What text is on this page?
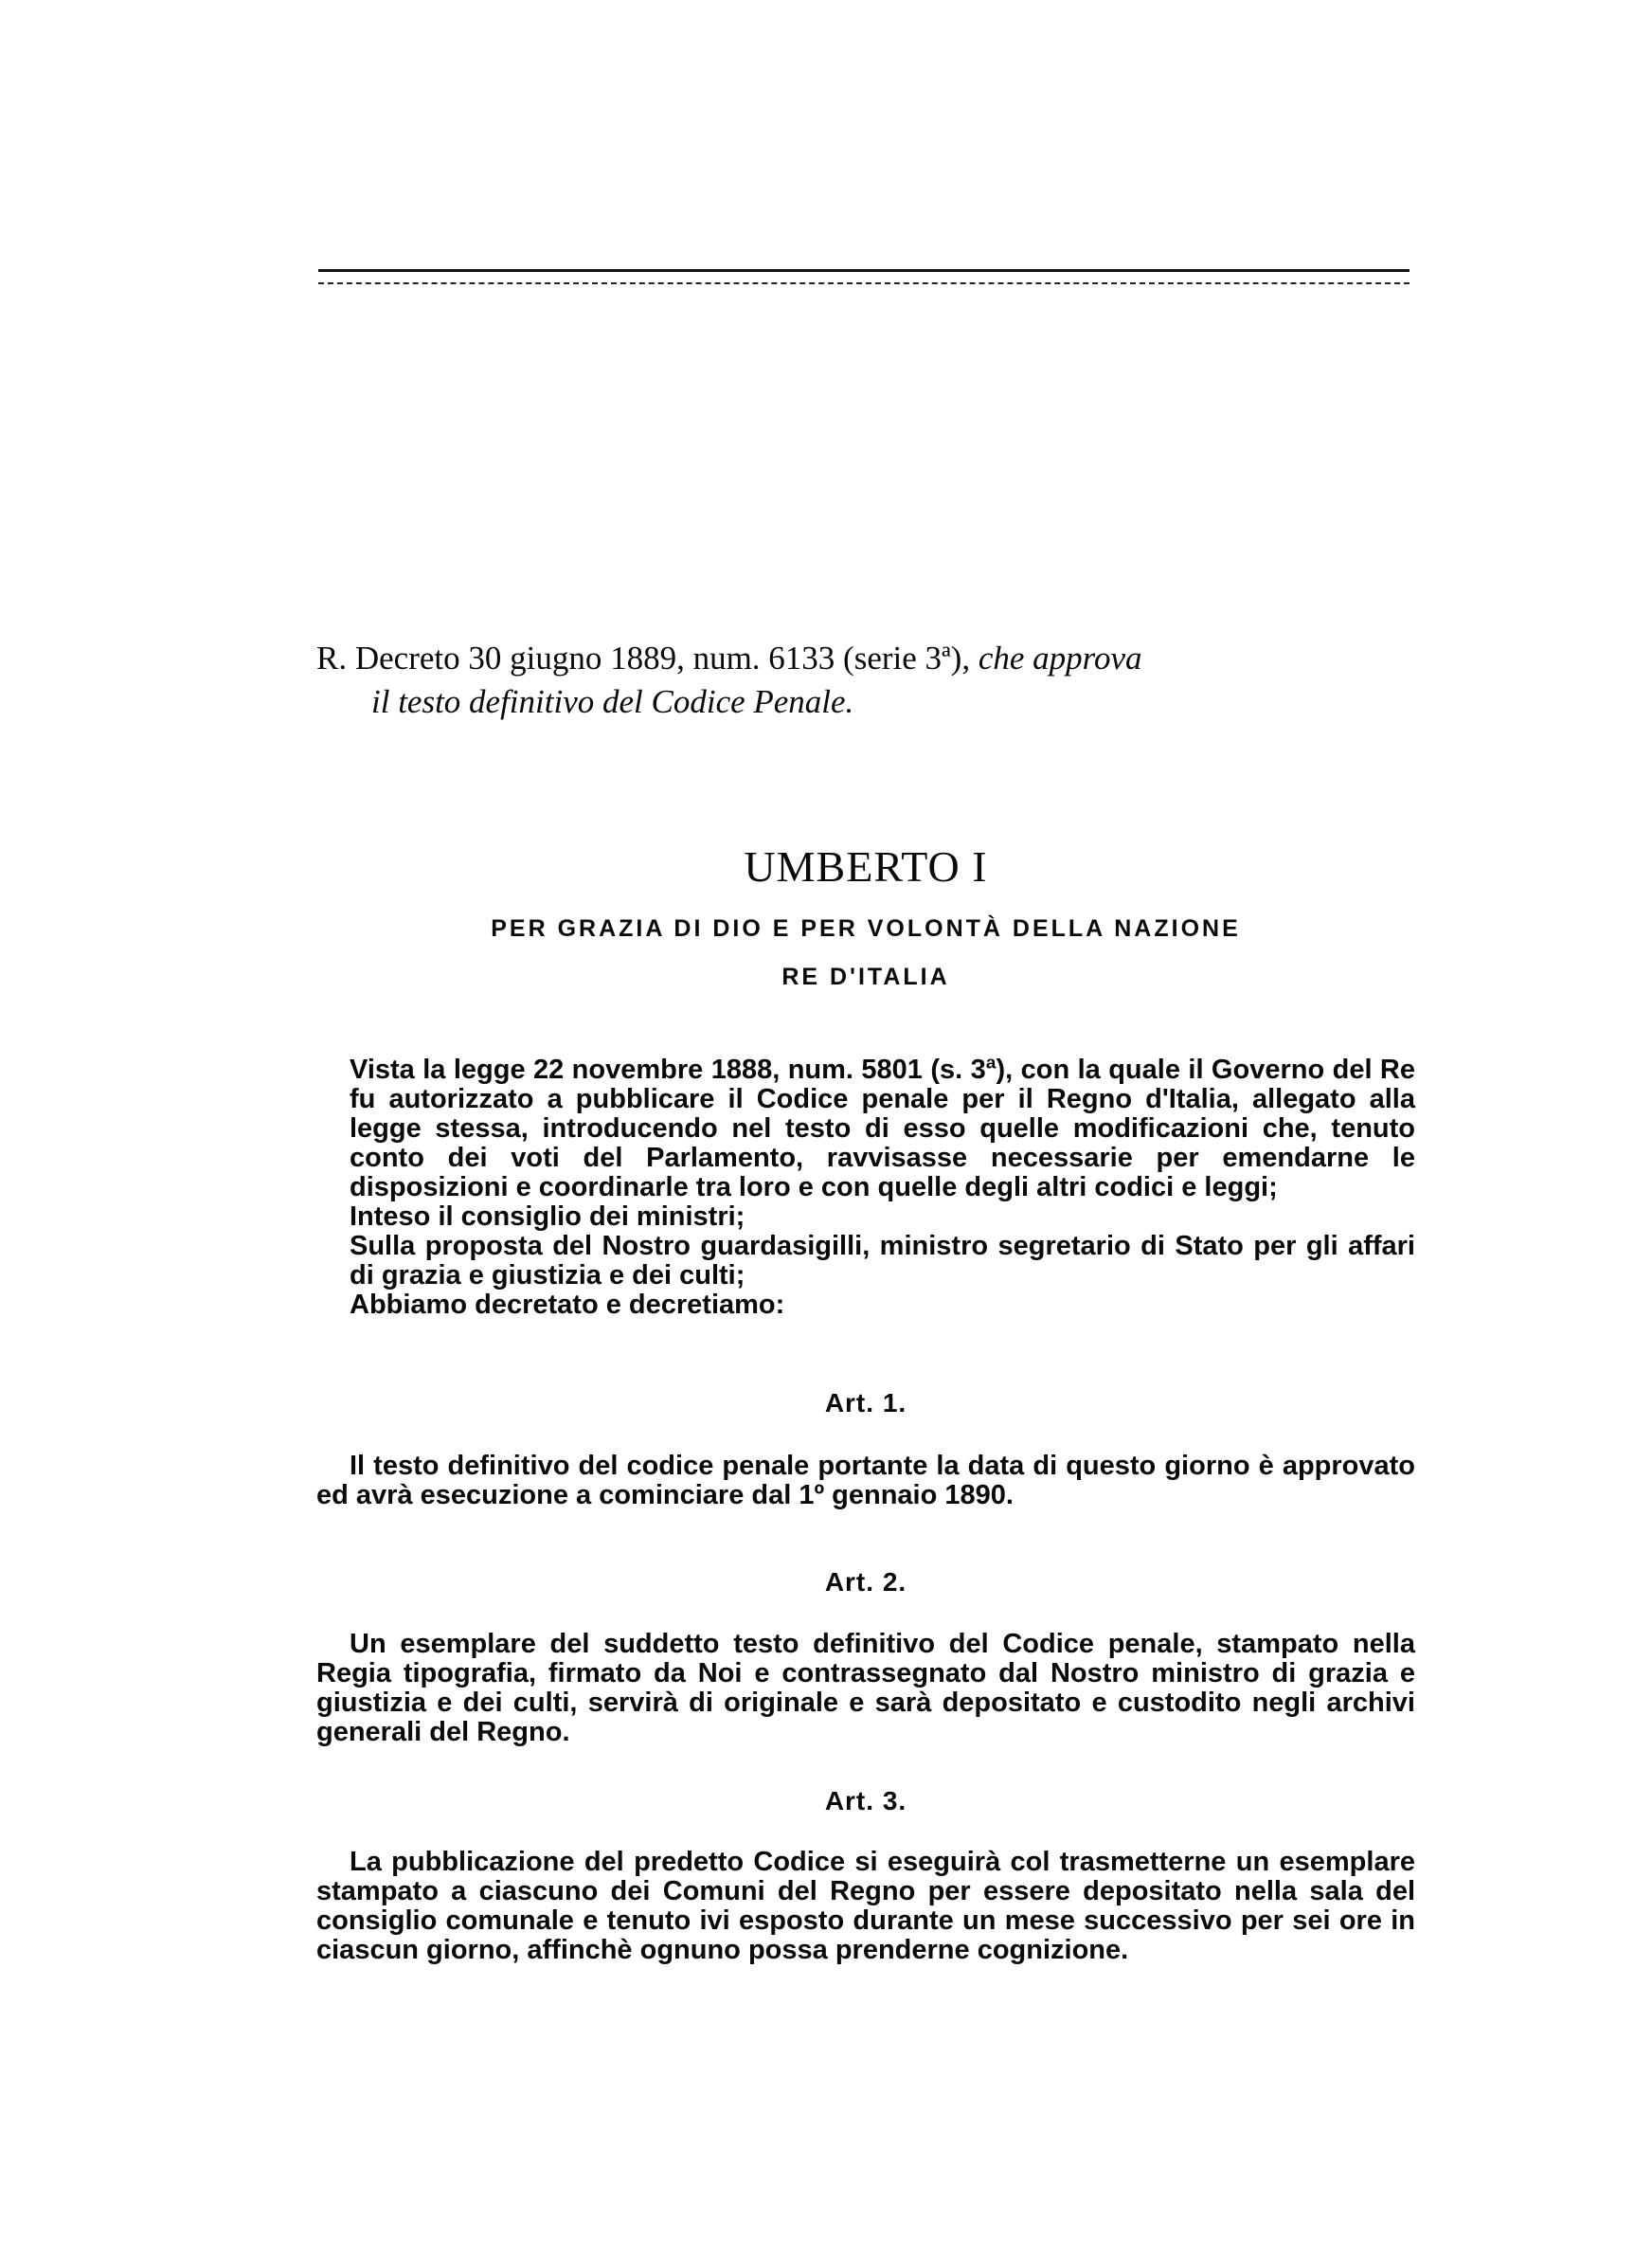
R. Decreto 30 giugno 1889, num. 6133 (serie 3ª), che approva
il testo definitivo del Codice Penale.
UMBERTO I
PER GRAZIA DI DIO E PER VOLONTÀ DELLA NAZIONE
RE D'ITALIA

Vista la legge 22 novembre 1888, num. 5801 (s. 3ª), con la quale il Governo del Re fu autorizzato a pubblicare il Codice penale per il Regno d'Italia, allegato alla legge stessa, introducendo nel testo di esso quelle modificazioni che, tenuto conto dei voti del Parlamento, ravvisasse necessarie per emendarne le disposizioni e coordinarle tra loro e con quelle degli altri codici e leggi;

Inteso il consiglio dei ministri;

Sulla proposta del Nostro guardasigilli, ministro segretario di Stato per gli affari di grazia e giustizia e dei culti;

Abbiamo decretato e decretiamo:

Art. 1.

Il testo definitivo del codice penale portante la data di questo giorno è approvato ed avrà esecuzione a cominciare dal 1º gennaio 1890.

Art. 2.

Un esemplare del suddetto testo definitivo del Codice penale, stampato nella Regia tipografia, firmato da Noi e contrassegnato dal Nostro ministro di grazia e giustizia e dei culti, servirà di originale e sarà depositato e custodito negli archivi generali del Regno.

Art. 3.

La pubblicazione del predetto Codice si eseguirà col trasmetterne un esemplare stampato a ciascuno dei Comuni del Regno per essere depositato nella sala del consiglio comunale e tenuto ivi esposto durante un mese successivo per sei ore in ciascun giorno, affinchè ognuno possa prenderne cognizione.
